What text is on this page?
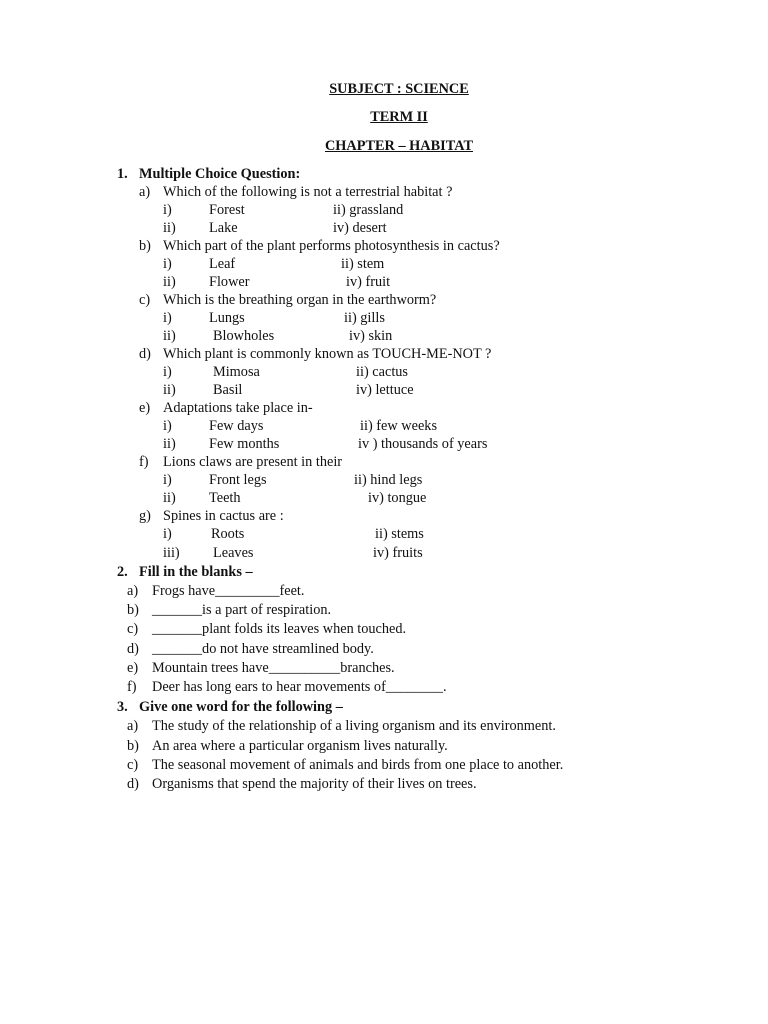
SUBJECT : SCIENCE
TERM II
CHAPTER – HABITAT
1. Multiple Choice Question:
a) Which of the following is not a terrestrial habitat ?
i)	Forest	ii) grassland
ii) Lake	iv) desert
b) Which part of the plant performs photosynthesis in cactus?
i)	Leaf	ii) stem
ii) Flower	iv) fruit
c) Which is the breathing organ in the earthworm?
i)	Lungs	ii) gills
ii)	Blowholes	iv) skin
d) Which plant is commonly known as TOUCH-ME-NOT ?
i)	Mimosa	ii) cactus
ii)	Basil	iv) lettuce
e) Adaptations take place in-
i)	Few days	ii) few weeks
ii) Few months	iv ) thousands of years
f) Lions claws are present in their
i)	Front legs	ii) hind legs
ii) Teeth	iv) tongue
g) Spines in cactus are :
i)	Roots	ii) stems
iii) Leaves	iv) fruits
2. Fill in the blanks –
a) Frogs have_________feet.
b) _______is a part of respiration.
c) _______plant folds its leaves when touched.
d) _______do not have streamlined body.
e) Mountain trees have__________branches.
f) Deer has long ears to hear movements of________.
3. Give one word for the following –
a) The study of the relationship of a living organism and its environment.
b) An area where a particular organism lives naturally.
c) The seasonal movement of animals and birds from one place to another.
d) Organisms that spend the majority of their lives on trees.
